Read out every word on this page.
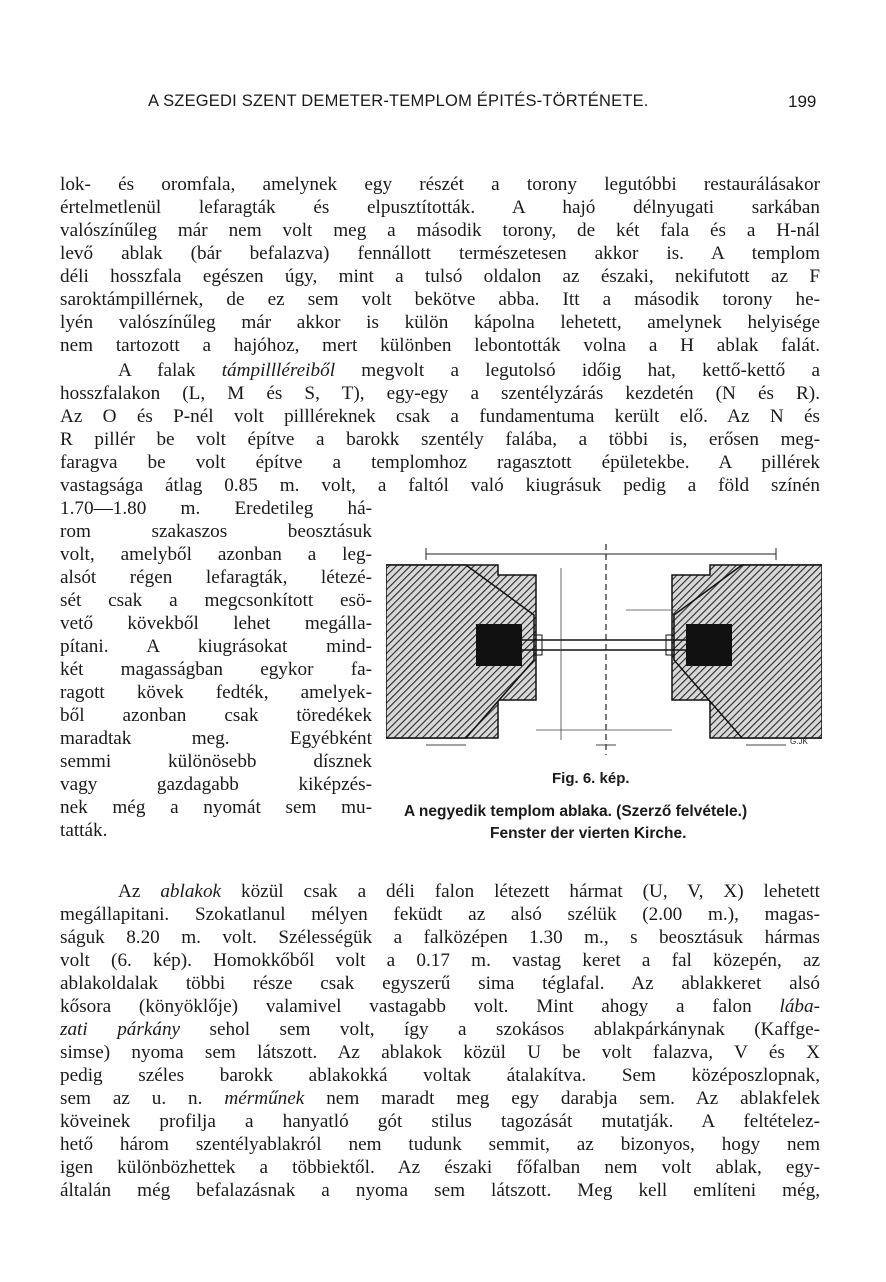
A SZEGEDI SZENT DEMETER-TEMPLOM ÉPITÉS-TÖRTÉNETE.	199
lok- és oromfala, amelynek egy részét a torony legutóbbi restaurálásakor
értelmetlenül lefaragták és elpusztították. A hajó délnyugati sarkában
valószínűleg már nem volt meg a második torony, de két fala és a H-nál
levő ablak (bár befalazva) fennállott természetesen akkor is. A templom
déli hosszfala egészen úgy, mint a tulsó oldalon az északi, nekifutott az F
saroktámpillérnek, de ez sem volt bekötve abba. Itt a második torony he-
lyén valószínűleg már akkor is külön kápolna lehetett, amelynek helyisége
nem tartozott a hajóhoz, mert különben lebontották volna a H ablak falát.
A falak támpillléreiből megvolt a legutolsó időig hat, kettő-kettő a
hosszfalakon (L, M és S, T), egy-egy a szentélyzárás kezdetén (N és R).
Az O és P-nél volt pillléreknek csak a fundamentuma került elő. Az N és
R pillér be volt építve a barokk szentély falába, a többi is, erősen meg-
faragva be volt építve a templomhoz ragasztott épületekbe. A pillérek
vastagsága átlag 0.85 m. volt, a faltól való kiugrásuk pedig a föld színén
1.70—1.80 m. Eredetileg há-
rom szakaszos beosztásuk
volt, amelyből azonban a leg-
alsót régen lefaragták, létezé-
sét csak a megcsonkított esö-
vető kövekből lehet megálla-
pítani. A kiugrásokat mind-
két magasságban egykor fa-
ragott kövek fedték, amelyek-
ből azonban csak töredékek
maradtak meg. Egyébként
semmi különösebb dísznek
vagy gazdagabb kiképzés-
nek még a nyomát sem mu-
tatták.
G.JK
Fig. 6. kép.
A negyedik templom ablaka. (Szerző felvétele.)
Fenster der vierten Kirche.
Az ablakok közül csak a déli falon létezett hármat (U, V, X) lehetett
megállapitani. Szokatlanul mélyen feküdt az alsó szélük (2.00 m.), magas-
ságuk 8.20 m. volt. Szélességük a falközépen 1.30 m., s beosztásuk hármas
volt (6. kép). Homokkőből volt a 0.17 m. vastag keret a fal közepén, az
ablakoldalak többi része csak egyszerű sima téglafal. Az ablakkeret alsó
kősora (könyöklője) valamivel vastagabb volt. Mint ahogy a falon lába-
zati párkány sehol sem volt, így a szokásos ablakpárkánynak (Kaffge-
simse) nyoma sem látszott. Az ablakok közül U be volt falazva, V és X
pedig széles barokk ablakokká voltak átalakítva. Sem középoszlopnak,
sem az u. n. mérműnek nem maradt meg egy darabja sem. Az ablakfelek
köveinek profilja a hanyatló gót stilus tagozását mutatják. A feltételez-
hető három szentélyablakról nem tudunk semmit, az bizonyos, hogy nem
igen különbözhettek a többiektől. Az északi főfalban nem volt ablak, egy-
általán még befalazásnak a nyoma sem látszott. Meg kell említeni még,
